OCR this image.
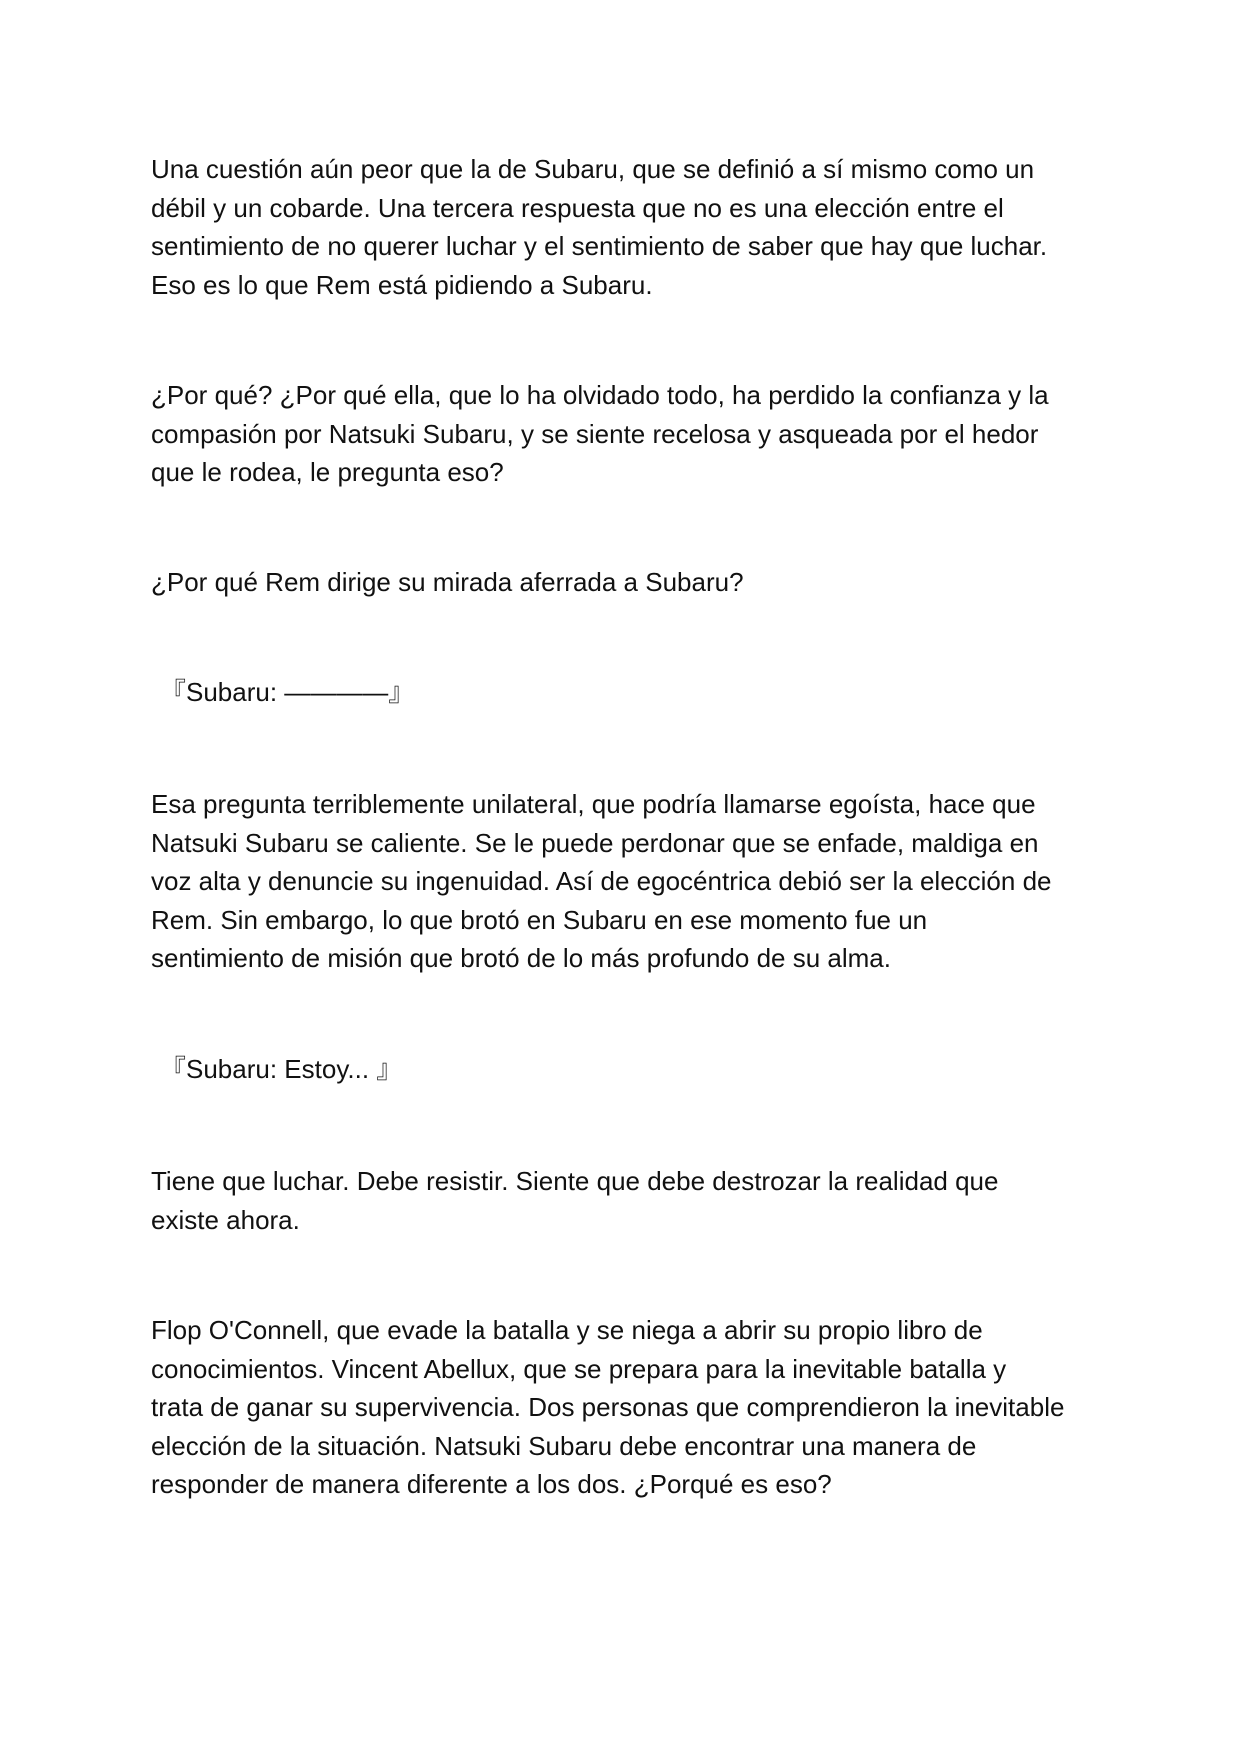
Una cuestión aún peor que la de Subaru, que se definió a sí mismo como un
débil y un cobarde. Una tercera respuesta que no es una elección entre el
sentimiento de no querer luchar y el sentimiento de saber que hay que luchar.
Eso es lo que Rem está pidiendo a Subaru.

¿Por qué? ¿Por qué ella, que lo ha olvidado todo, ha perdido la confianza y la
compasión por Natsuki Subaru, y se siente recelosa y asqueada por el hedor
que le rodea, le pregunta eso?

¿Por qué Rem dirige su mirada aferrada a Subaru?

『Subaru: ————』

Esa pregunta terriblemente unilateral, que podría llamarse egoísta, hace que
Natsuki Subaru se caliente. Se le puede perdonar que se enfade, maldiga en
voz alta y denuncie su ingenuidad. Así de egocéntrica debió ser la elección de
Rem. Sin embargo, lo que brotó en Subaru en ese momento fue un
sentimiento de misión que brotó de lo más profundo de su alma.

『Subaru: Estoy... 』

Tiene que luchar. Debe resistir. Siente que debe destrozar la realidad que
existe ahora.

Flop O'Connell, que evade la batalla y se niega a abrir su propio libro de
conocimientos. Vincent Abellux, que se prepara para la inevitable batalla y
trata de ganar su supervivencia. Dos personas que comprendieron la inevitable
elección de la situación. Natsuki Subaru debe encontrar una manera de
responder de manera diferente a los dos. ¿Porqué es eso?
